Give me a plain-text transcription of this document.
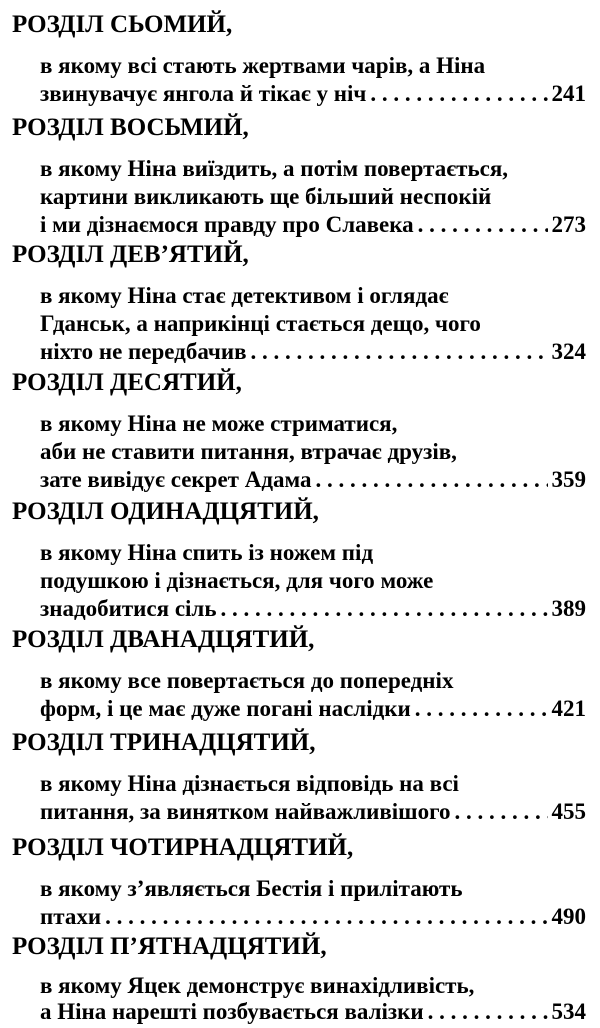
РОЗДІЛ СЬОМИЙ,
в якому всі стають жертвами чарів, а Ніна
звинувачує янгола й тікає у ніч . . .	241
РОЗДІЛ ВОСЬМИЙ,
в якому Ніна виїздить, а потім повертається,
картини викликають ще більший неспокій
і ми дізнаємося правду про Славека . . .	273
РОЗДІЛ ДЕВ’ЯТИЙ,
в якому Ніна стає детективом і оглядає
Гданськ, а наприкінці стається дещо, чого
ніхто не передбачив . . .	324
РОЗДІЛ ДЕСЯТИЙ,
в якому Ніна не може стриматися,
аби не ставити питання, втрачає друзів,
зате вивідує секрет Адама . . .	359
РОЗДІЛ ОДИНАДЦЯТИЙ,
в якому Ніна спить із ножем під
подушкою і дізнається, для чого може
знадобитися сіль . . .	389
РОЗДІЛ ДВАНАДЦЯТИЙ,
в якому все повертається до попередніх
форм, і це має дуже погані наслідки . . .	421
РОЗДІЛ ТРИНАДЦЯТИЙ,
в якому Ніна дізнається відповідь на всі
питання, за винятком найважливішого . . .	455
РОЗДІЛ ЧОТИРНАДЦЯТИЙ,
в якому з’являється Бестія і прилітають
птахи . . .	490
РОЗДІЛ П’ЯТНАДЦЯТИЙ,
в якому Яцек демонструє винахідливість,
а Ніна нарешті позбувається валізки . . .	534
